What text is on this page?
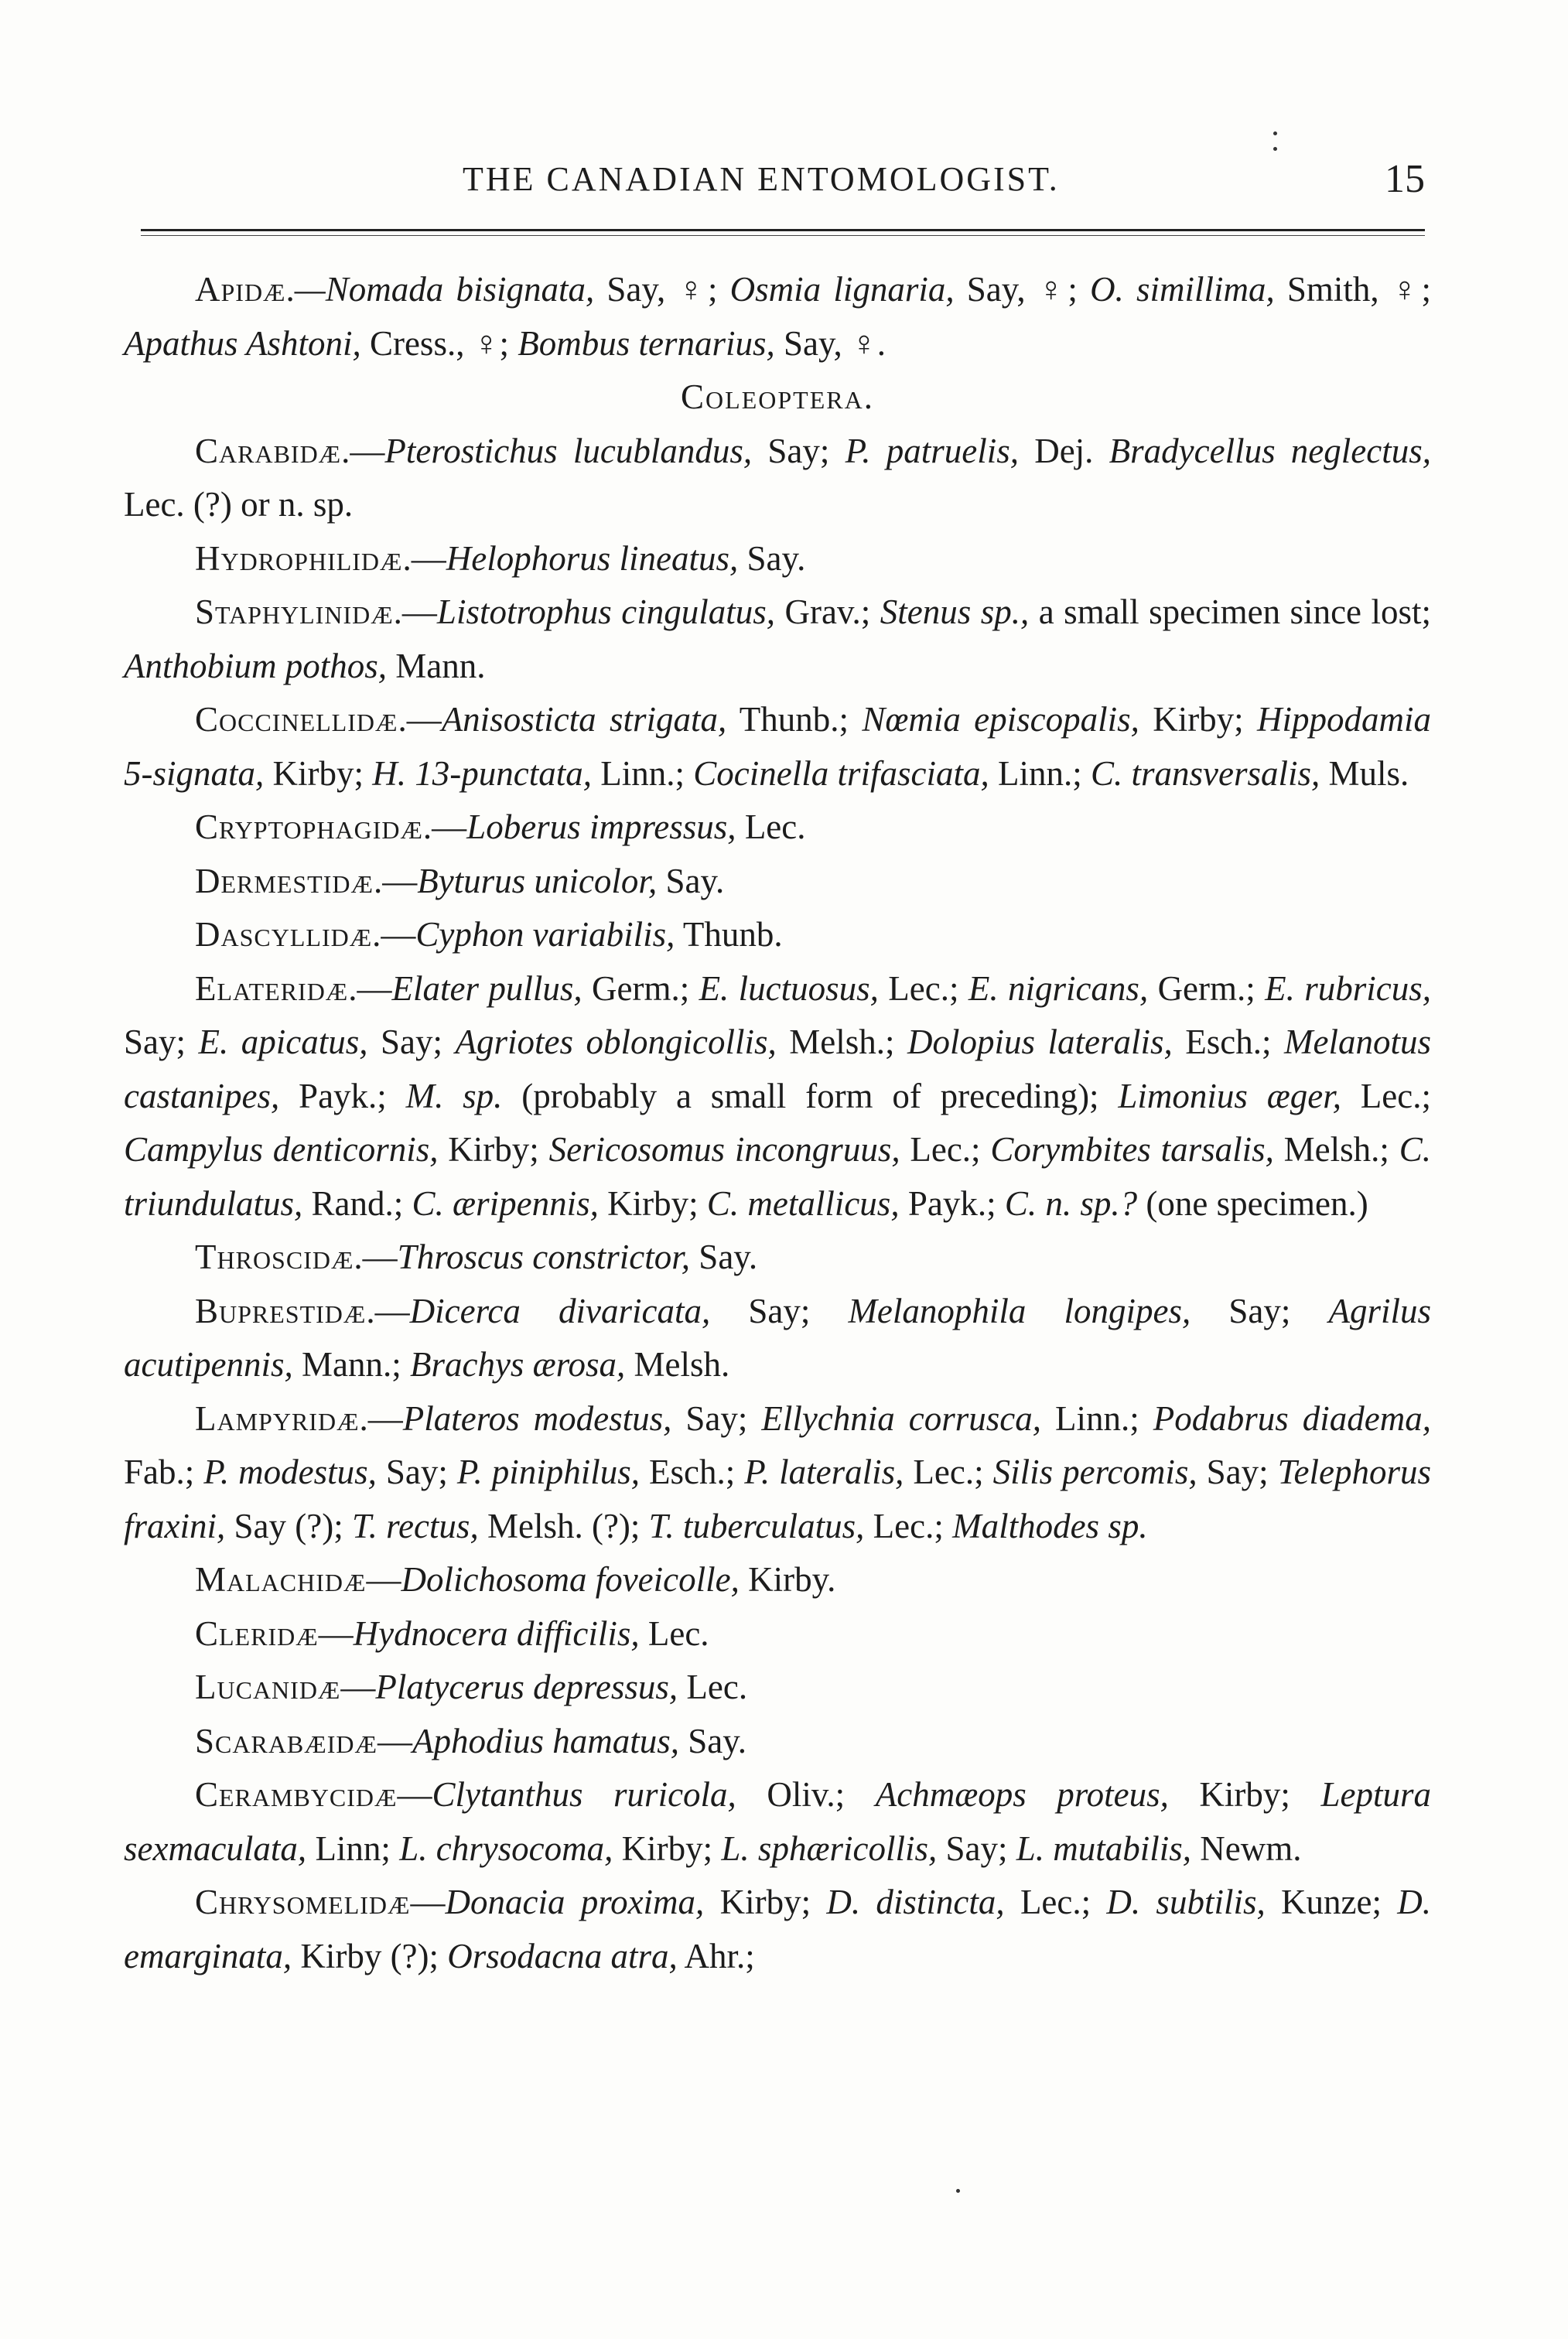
THE CANADIAN ENTOMOLOGIST.	15

Apidæ.—Nomada bisignata, Say, ♀; Osmia lignaria, Say, ♀; O. simillima, Smith, ♀; Apathus Ashtoni, Cress., ♀; Bombus ternarius, Say, ♀.

Coleoptera.

Carabidæ.—Pterostichus lucublandus, Say; P. patruelis, Dej. Bradycellus neglectus, Lec. (?) or n. sp.

Hydrophilidæ.—Helophorus lineatus, Say.

Staphylinidæ.—Listotrophus cingulatus, Grav.; Stenus sp., a small specimen since lost; Anthobium pothos, Mann.

Coccinellidæ.—Anisosticta strigata, Thunb.; Nœmia episcopalis, Kirby; Hippodamia 5-signata, Kirby; H. 13-punctata, Linn.; Cocinella trifasciata, Linn.; C. transversalis, Muls.

Cryptophagidæ.—Loberus impressus, Lec.

Dermestidæ.—Byturus unicolor, Say.

Dascyllidæ.—Cyphon variabilis, Thunb.

Elateridæ.—Elater pullus, Germ.; E. luctuosus, Lec.; E. nigricans, Germ.; E. rubricus, Say; E. apicatus, Say; Agriotes oblongicollis, Melsh.; Dolopius lateralis, Esch.; Melanotus castanipes, Payk.; M. sp. (probably a small form of preceding); Limonius æger, Lec.; Campylus denticornis, Kirby; Sericosomus incongruus, Lec.; Corymbites tarsalis, Melsh.; C. triundulatus, Rand.; C. æripennis, Kirby; C. metallicus, Payk.; C. n. sp.? (one specimen.)

Throscidæ.—Throscus constrictor, Say.

Buprestidæ.—Dicerca divaricata, Say; Melanophila longipes, Say; Agrilus acutipennis, Mann.; Brachys ærosa, Melsh.

Lampyridæ.—Plateros modestus, Say; Ellychnia corrusca, Linn.; Podabrus diadema, Fab.; P. modestus, Say; P. piniphilus, Esch.; P. lateralis, Lec.; Silis percomis, Say; Telephorus fraxini, Say (?); T. rectus, Melsh. (?); T. tuberculatus, Lec.; Malthodes sp.

Malachidæ—Dolichosoma foveicolle, Kirby.

Cleridæ—Hydnocera difficilis, Lec.

Lucanidæ—Platycerus depressus, Lec.

Scarabæidæ—Aphodius hamatus, Say.

Cerambycidæ—Clytanthus ruricola, Oliv.; Achmæops proteus, Kirby; Leptura sexmaculata, Linn; L. chrysocoma, Kirby; L. sphæricollis, Say; L. mutabilis, Newm.

Chrysomelidæ—Donacia proxima, Kirby; D. distincta, Lec.; D. subtilis, Kunze; D. emarginata, Kirby (?); Orsodacna atra, Ahr.;
